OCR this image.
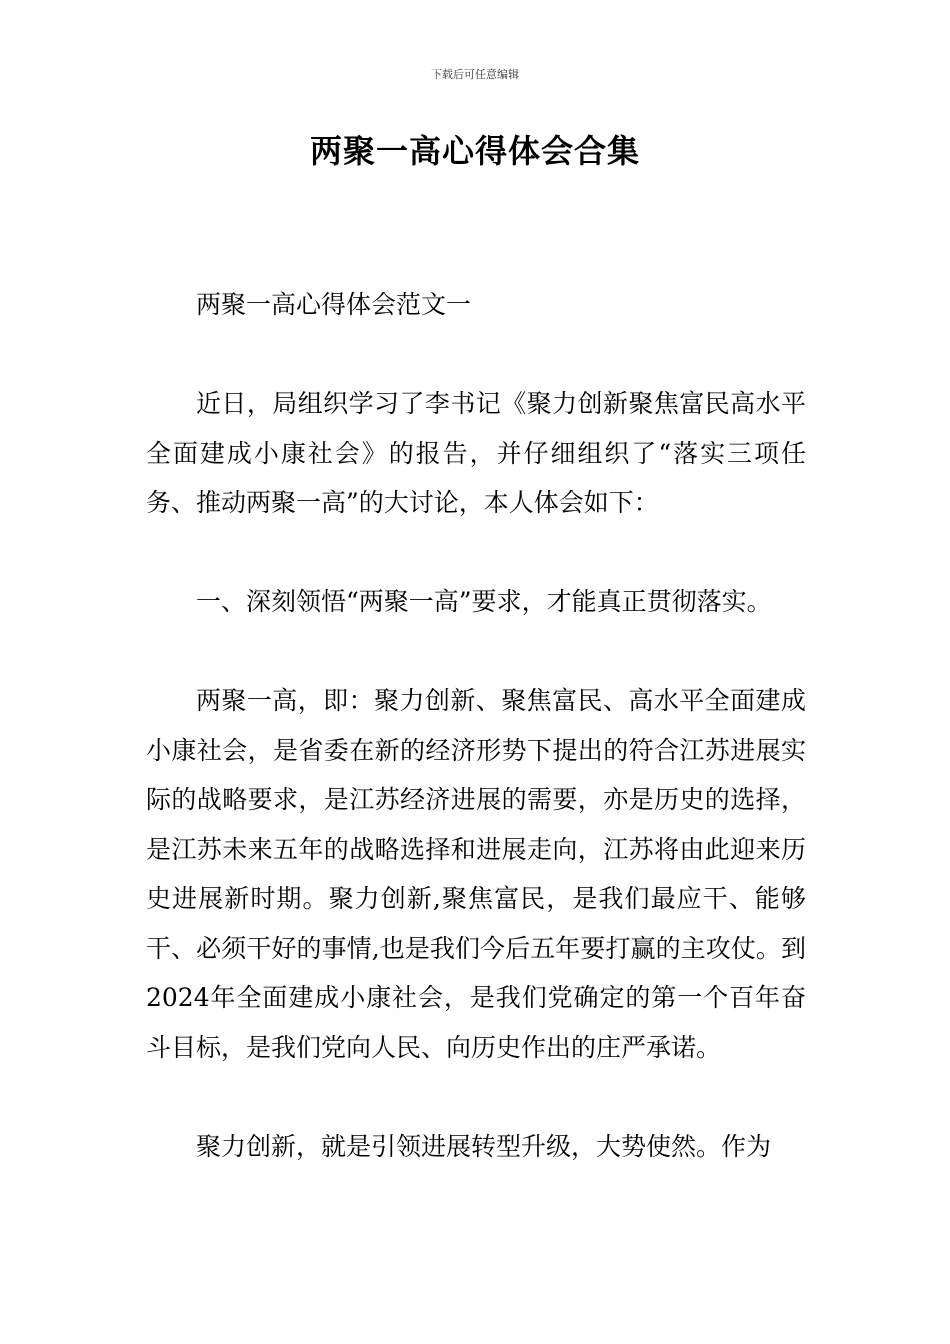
下载后可任意编辑
两聚一高心得体会合集

两聚一高心得体会范文一

近日，局组织学习了李书记《聚力创新聚焦富民高水平全面建成小康社会》的报告，并仔细组织了“落实三项任务、推动两聚一高”的大讨论，本人体会如下：

一、深刻领悟“两聚一高”要求，才能真正贯彻落实。

两聚一高，即：聚力创新、聚焦富民、高水平全面建成小康社会，是省委在新的经济形势下提出的符合江苏进展实际的战略要求，是江苏经济进展的需要，亦是历史的选择，是江苏未来五年的战略选择和进展走向，江苏将由此迎来历史进展新时期。聚力创新,聚焦富民，是我们最应干、能够干、必须干好的事情,也是我们今后五年要打赢的主攻仗。到2024年全面建成小康社会，是我们党确定的第一个百年奋斗目标，是我们党向人民、向历史作出的庄严承诺。

聚力创新，就是引领进展转型升级，大势使然。作为
